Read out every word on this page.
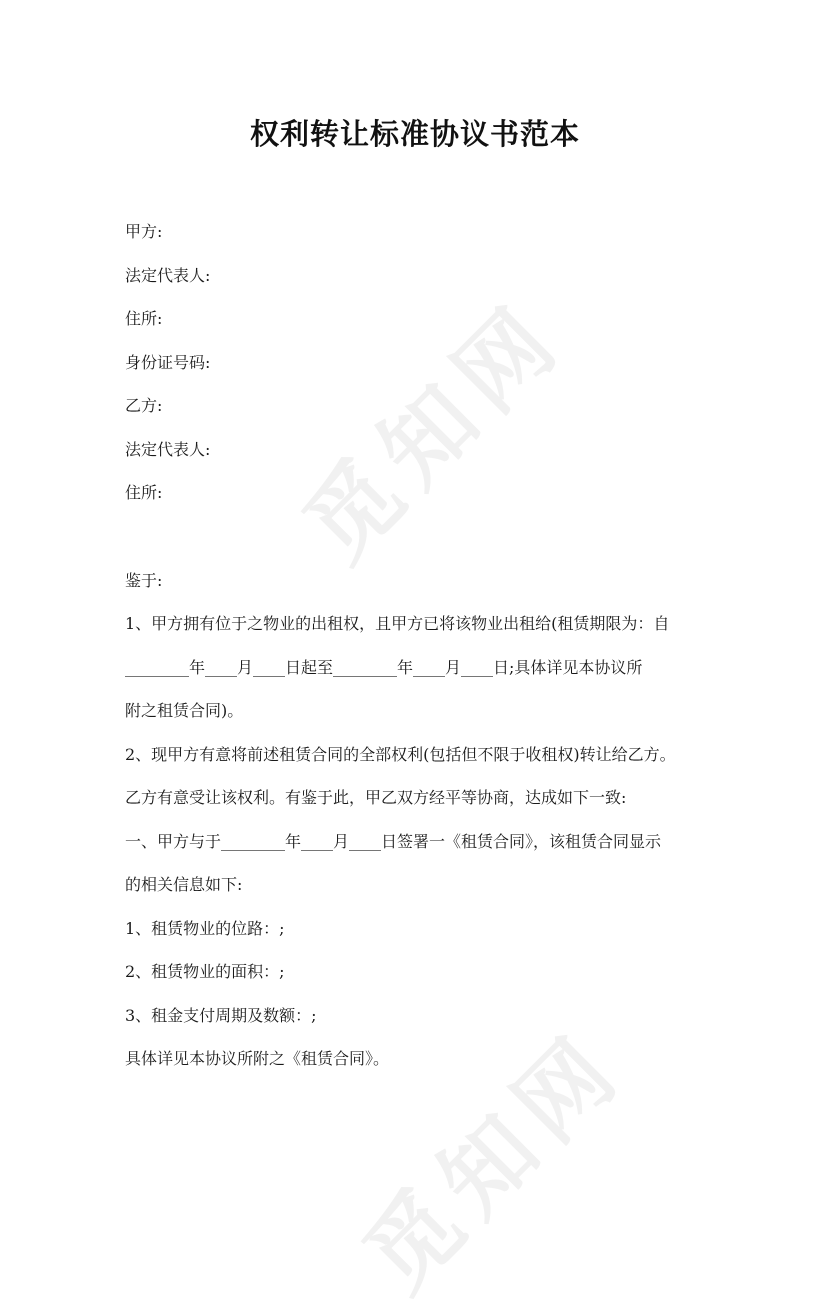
觅知网
觅知网
权利转让标准协议书范本
甲方:
法定代表人:
住所:
身份证号码:
乙方:
法定代表人:
住所:
鉴于:
1、甲方拥有位于之物业的出租权，且甲方已将该物业出租给(租赁期限为：自
________年____月____日起至________年____月____日;具体详见本协议所
附之租赁合同)。
2、现甲方有意将前述租赁合同的全部权利(包括但不限于收租权)转让给乙方。
乙方有意受让该权利。有鉴于此，甲乙双方经平等协商，达成如下一致:
一、甲方与于________年____月____日签署一《租赁合同》，该租赁合同显示
的相关信息如下:
1、租赁物业的位路：;
2、租赁物业的面积：;
3、租金支付周期及数额：;
具体详见本协议所附之《租赁合同》。
